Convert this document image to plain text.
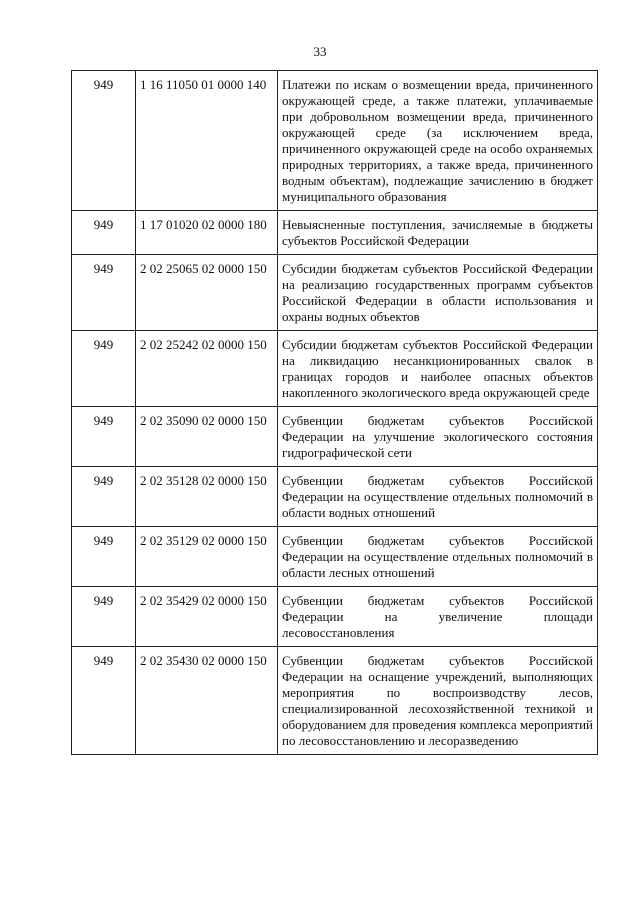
33
949	1 16 11050 01 0000 140	Платежи по искам о возмещении вреда, причиненного окружающей среде, а также платежи, уплачиваемые при добровольном возмещении вреда, причиненного окружающей среде (за исключением вреда, причиненного окружающей среде на особо охраняемых природных территориях, а также вреда, причиненного водным объектам), подлежащие зачислению в бюджет муниципального образования
949	1 17 01020 02 0000 180	Невыясненные поступления, зачисляемые в бюджеты субъектов Российской Федерации
949	2 02 25065 02 0000 150	Субсидии бюджетам субъектов Российской Федерации на реализацию государственных программ субъектов Российской Федерации в области использования и охраны водных объектов
949	2 02 25242 02 0000 150	Субсидии бюджетам субъектов Российской Федерации на ликвидацию несанкционированных свалок в границах городов и наиболее опасных объектов накопленного экологического вреда окружающей среде
949	2 02 35090 02 0000 150	Субвенции бюджетам субъектов Российской Федерации на улучшение экологического состояния гидрографической сети
949	2 02 35128 02 0000 150	Субвенции бюджетам субъектов Российской Федерации на осуществление отдельных полномочий в области водных отношений
949	2 02 35129 02 0000 150	Субвенции бюджетам субъектов Российской Федерации на осуществление отдельных полномочий в области лесных отношений
949	2 02 35429 02 0000 150	Субвенции бюджетам субъектов Российской Федерации на увеличение площади лесовосстановления
949	2 02 35430 02 0000 150	Субвенции бюджетам субъектов Российской Федерации на оснащение учреждений, выполняющих мероприятия по воспроизводству лесов, специализированной лесохозяйственной техникой и оборудованием для проведения комплекса мероприятий по лесовосстановлению и лесоразведению
